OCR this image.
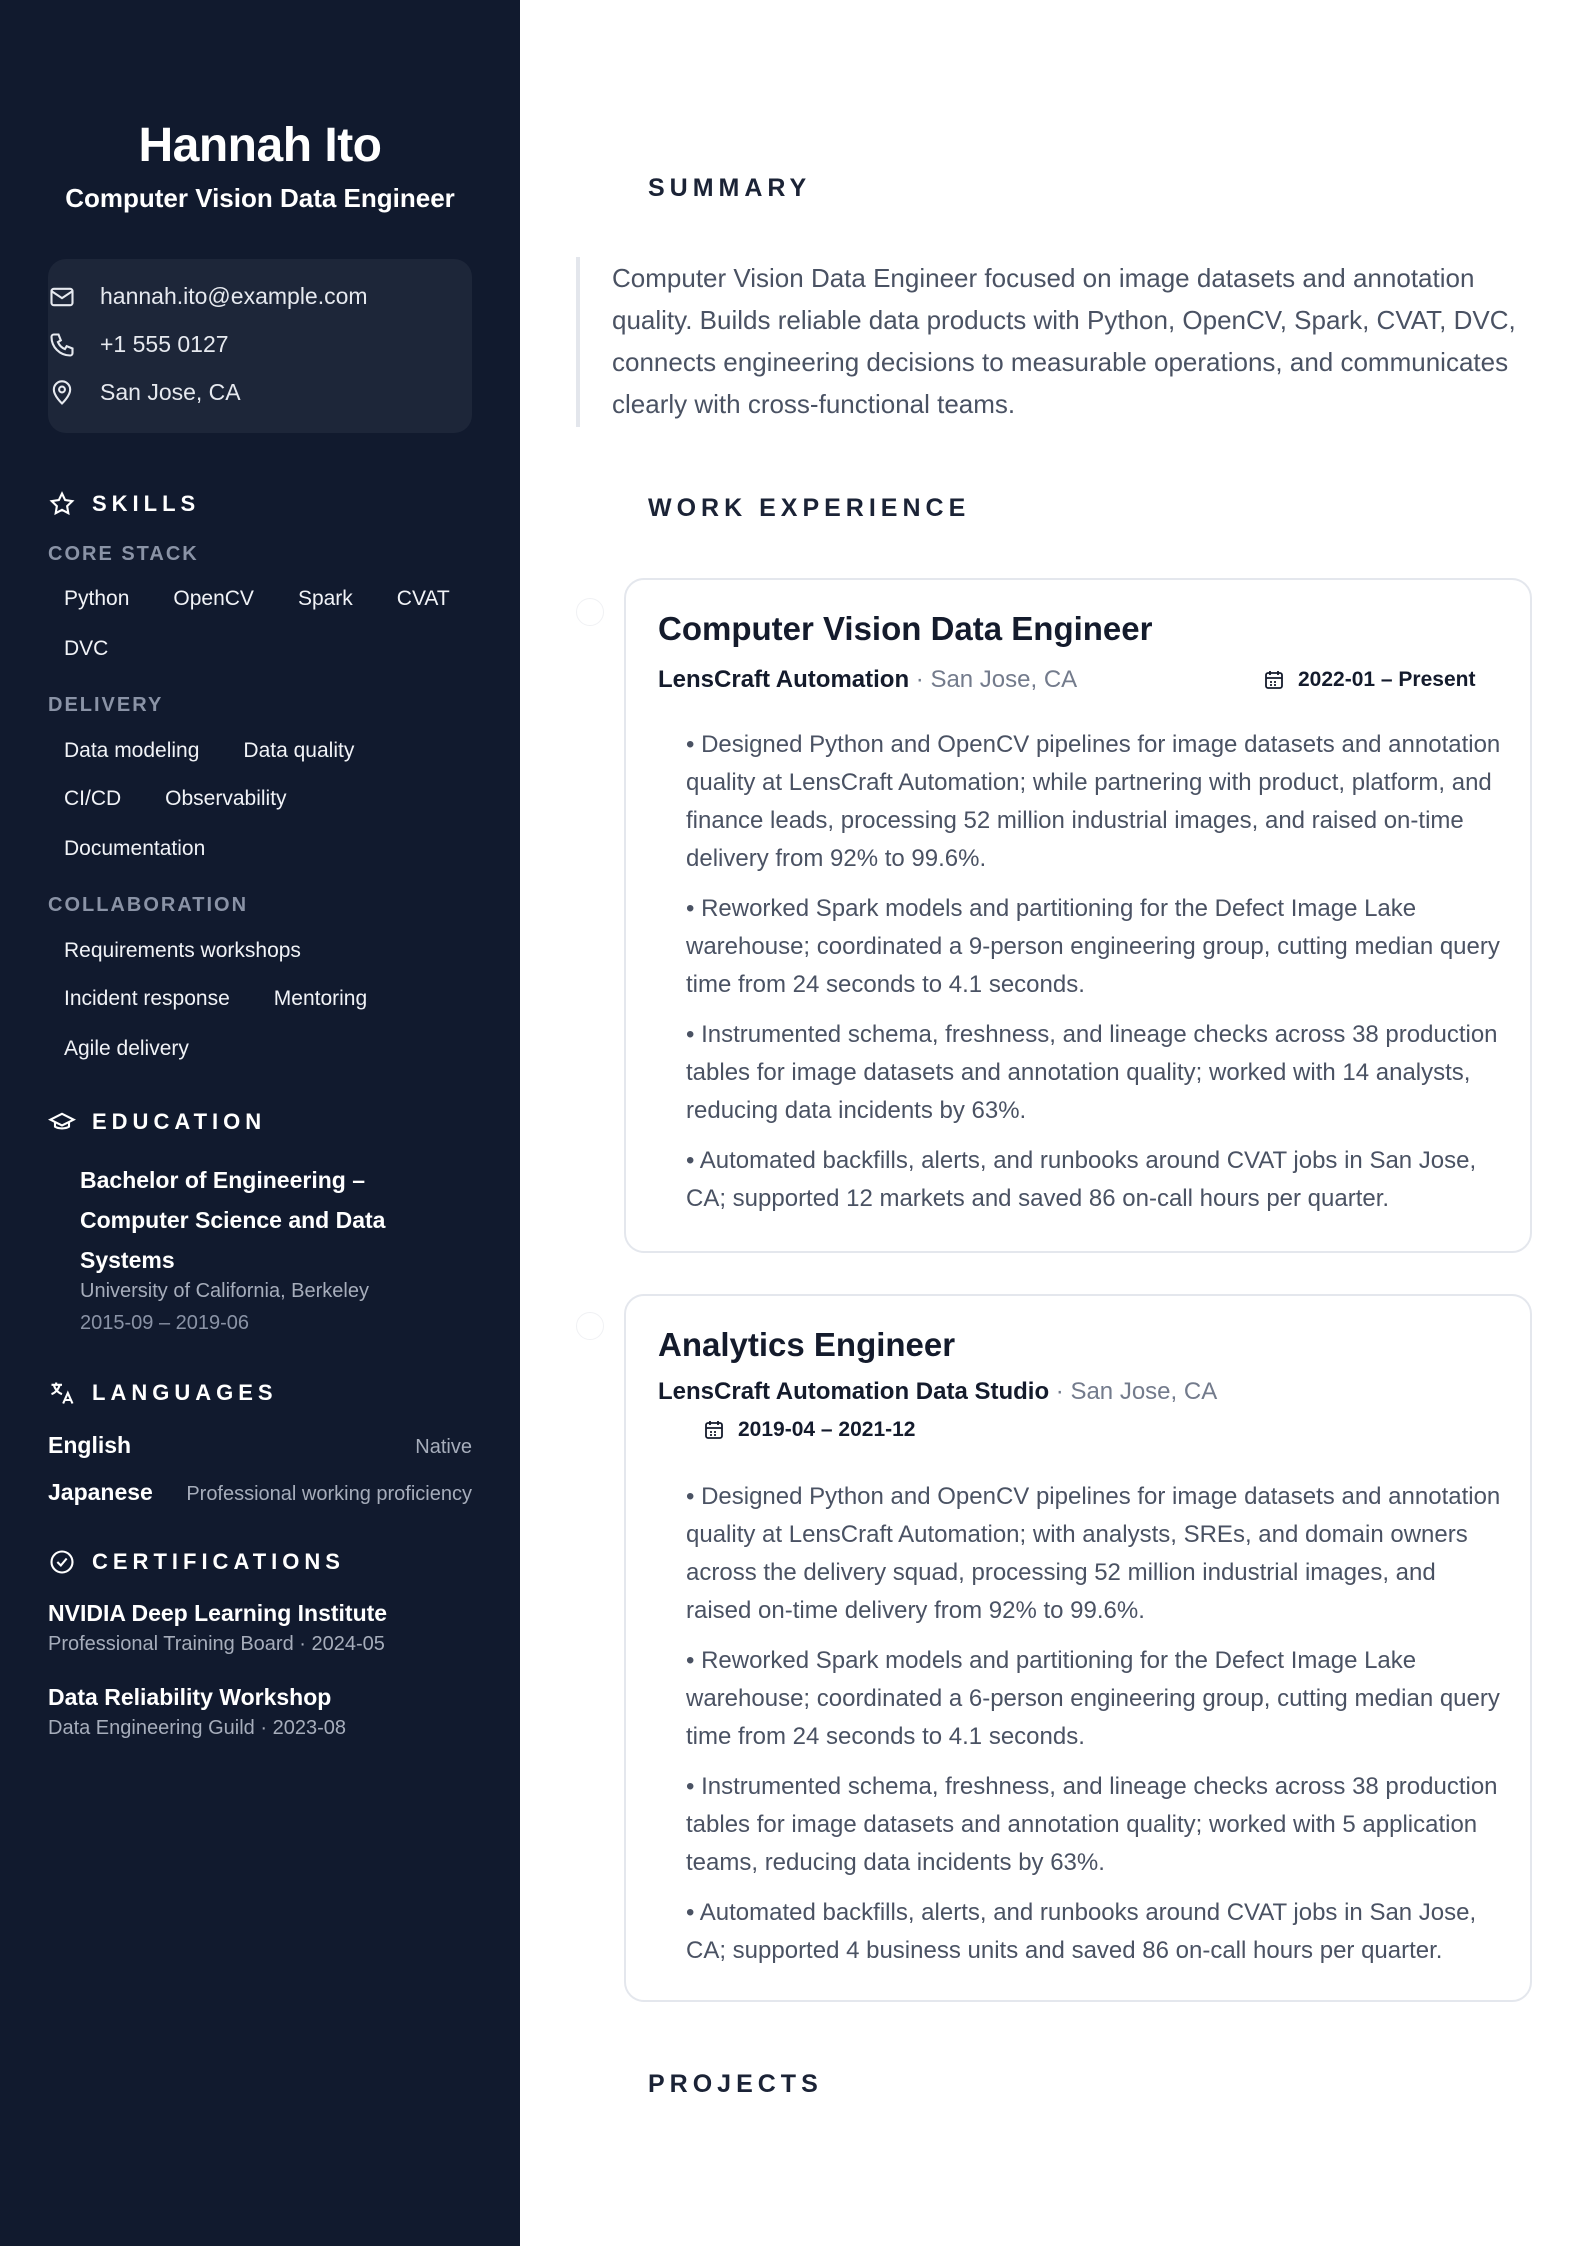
Hannah Ito
Computer Vision Data Engineer
hannah.ito@example.com
+1 555 0127
San Jose, CA
SKILLS
CORE STACK
Python	OpenCV	Spark	CVAT
DVC
DELIVERY
Data modeling	Data quality
CI/CD	Observability
Documentation
COLLABORATION
Requirements workshops
Incident response	Mentoring
Agile delivery
EDUCATION
Bachelor of Engineering – Computer Science and Data Systems
University of California, Berkeley
2015-09 – 2019-06
LANGUAGES
English	Native
Japanese Professional working proficiency
CERTIFICATIONS
NVIDIA Deep Learning Institute
Professional Training Board · 2024-05
Data Reliability Workshop
Data Engineering Guild · 2023-08
SUMMARY
Computer Vision Data Engineer focused on image datasets and annotation quality. Builds reliable data products with Python, OpenCV, Spark, CVAT, DVC, connects engineering decisions to measurable operations, and communicates clearly with cross-functional teams.
WORK EXPERIENCE
Computer Vision Data Engineer
LensCraft Automation · San Jose, CA	2022-01 – Present
• Designed Python and OpenCV pipelines for image datasets and annotation quality at LensCraft Automation; while partnering with product, platform, and finance leads, processing 52 million industrial images, and raised on-time delivery from 92% to 99.6%.
• Reworked Spark models and partitioning for the Defect Image Lake warehouse; coordinated a 9-person engineering group, cutting median query time from 24 seconds to 4.1 seconds.
• Instrumented schema, freshness, and lineage checks across 38 production tables for image datasets and annotation quality; worked with 14 analysts, reducing data incidents by 63%.
• Automated backfills, alerts, and runbooks around CVAT jobs in San Jose, CA; supported 12 markets and saved 86 on-call hours per quarter.
Analytics Engineer
LensCraft Automation Data Studio · San Jose, CA
2019-04 – 2021-12
• Designed Python and OpenCV pipelines for image datasets and annotation quality at LensCraft Automation; with analysts, SREs, and domain owners across the delivery squad, processing 52 million industrial images, and raised on-time delivery from 92% to 99.6%.
• Reworked Spark models and partitioning for the Defect Image Lake warehouse; coordinated a 6-person engineering group, cutting median query time from 24 seconds to 4.1 seconds.
• Instrumented schema, freshness, and lineage checks across 38 production tables for image datasets and annotation quality; worked with 5 application teams, reducing data incidents by 63%.
• Automated backfills, alerts, and runbooks around CVAT jobs in San Jose, CA; supported 4 business units and saved 86 on-call hours per quarter.
PROJECTS
